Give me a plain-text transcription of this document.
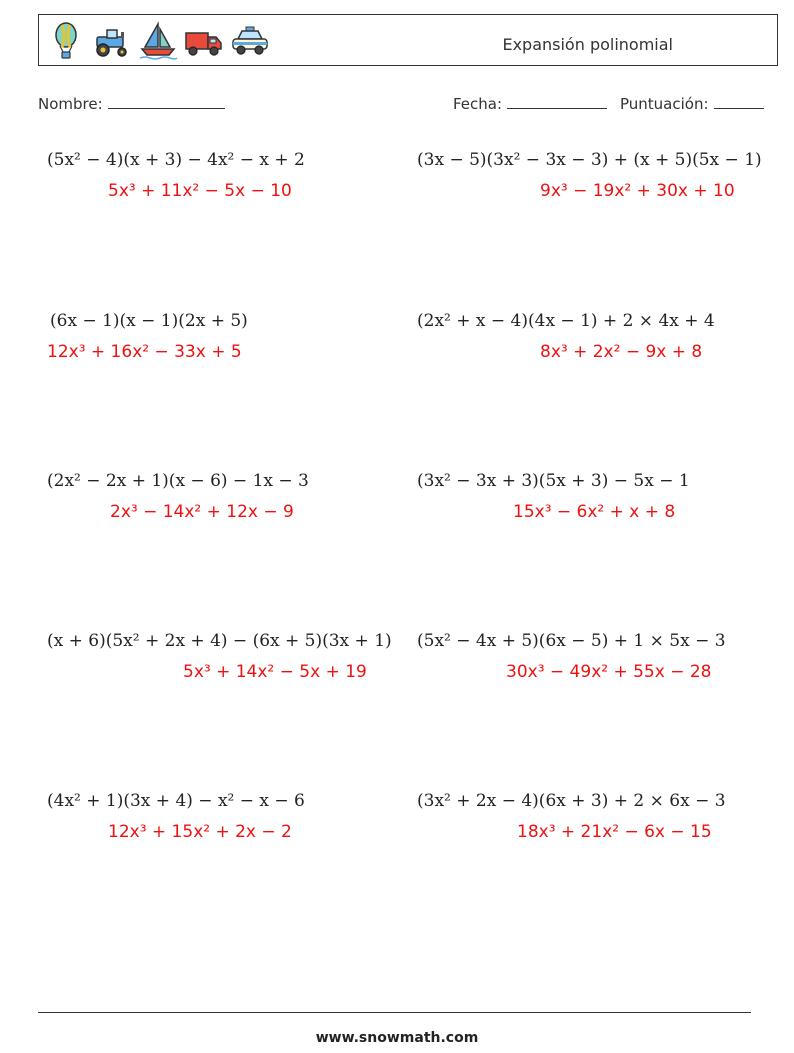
Expansión polinomial
Nombre:	Fecha:	Puntuación:
(5x² − 4)(x + 3) − 4x² − x + 2
5x³ + 11x² − 5x − 10
(3x − 5)(3x² − 3x − 3) + (x + 5)(5x − 1)
9x³ − 19x² + 30x + 10
(6x − 1)(x − 1)(2x + 5)
12x³ + 16x² − 33x + 5
(2x² + x − 4)(4x − 1) + 2 × 4x + 4
8x³ + 2x² − 9x + 8
(2x² − 2x + 1)(x − 6) − 1x − 3
2x³ − 14x² + 12x − 9
(3x² − 3x + 3)(5x + 3) − 5x − 1
15x³ − 6x² + x + 8
(x + 6)(5x² + 2x + 4) − (6x + 5)(3x + 1)
5x³ + 14x² − 5x + 19
(5x² − 4x + 5)(6x − 5) + 1 × 5x − 3
30x³ − 49x² + 55x − 28
(4x² + 1)(3x + 4) − x² − x − 6
12x³ + 15x² + 2x − 2
(3x² + 2x − 4)(6x + 3) + 2 × 6x − 3
18x³ + 21x² − 6x − 15
www.snowmath.com
